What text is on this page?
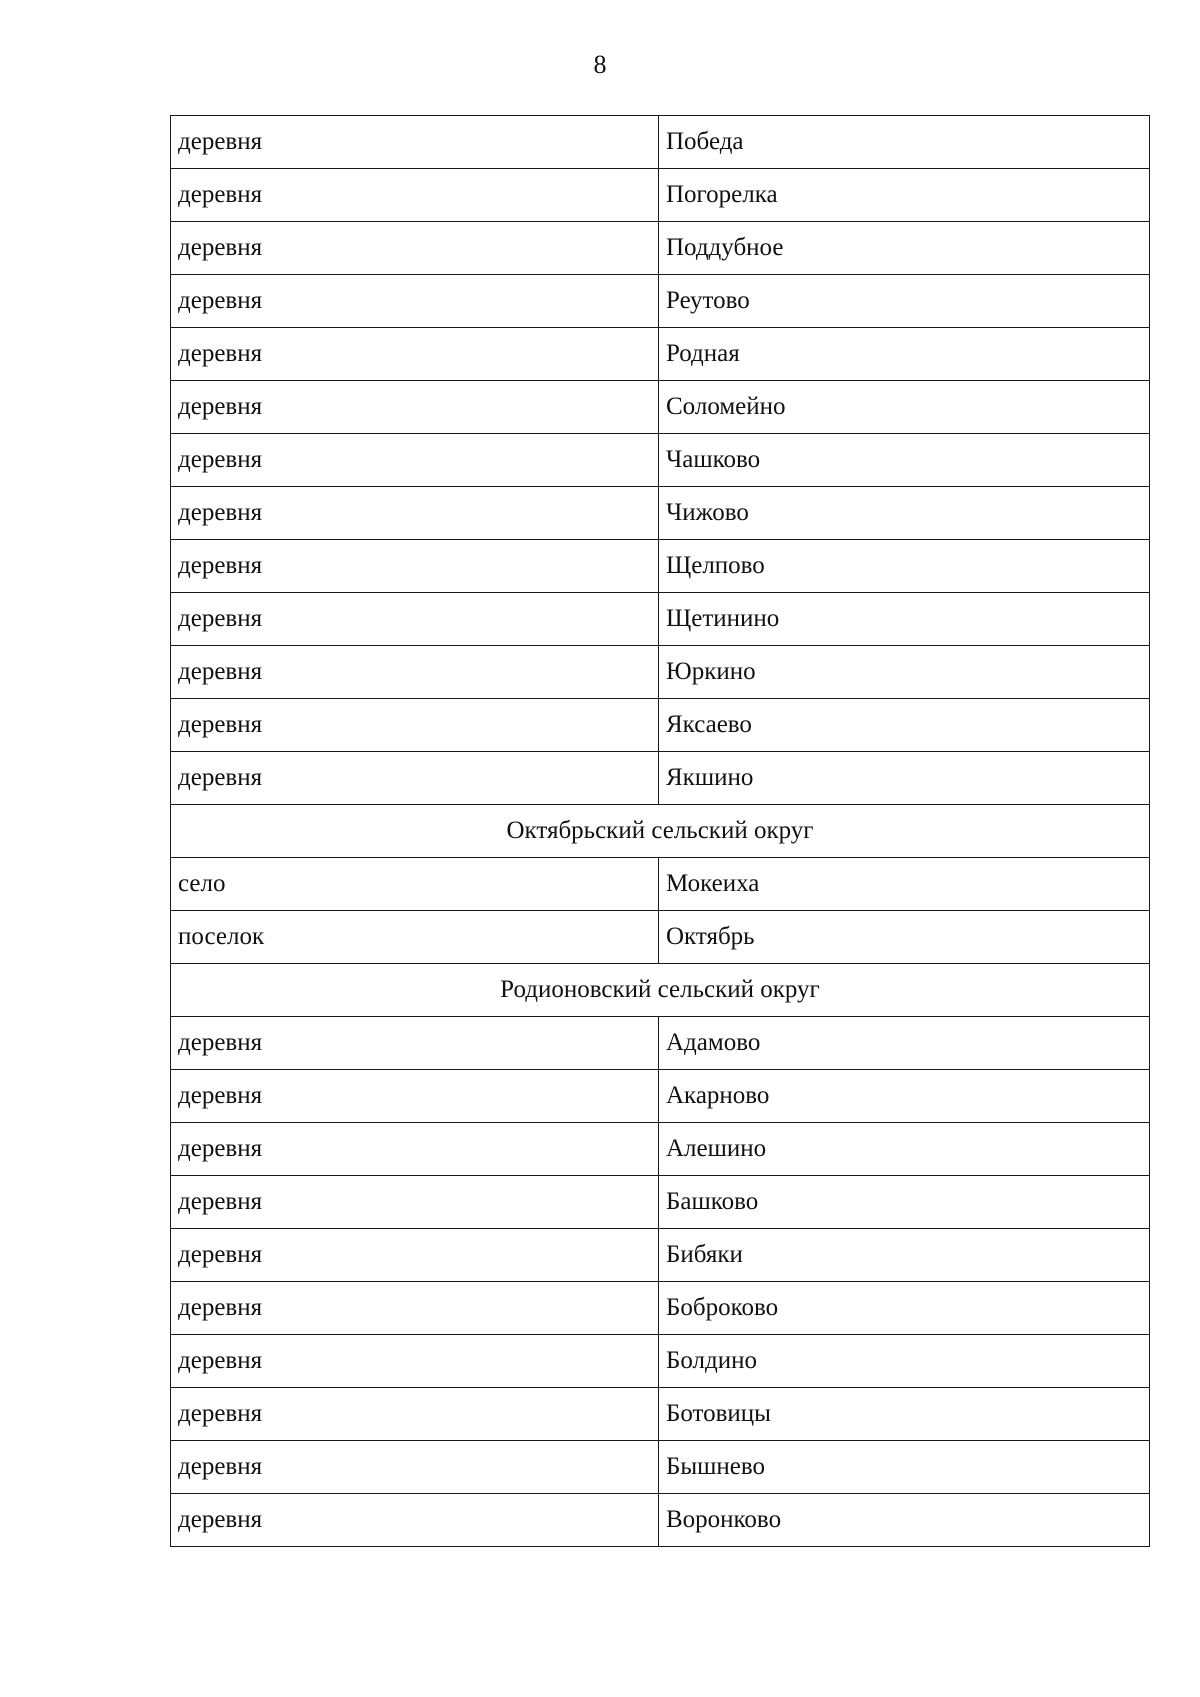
8
деревня	Победа
деревня	Погорелка
деревня	Поддубное
деревня	Реутово
деревня	Родная
деревня	Соломейно
деревня	Чашково
деревня	Чижово
деревня	Щелпово
деревня	Щетинино
деревня	Юркино
деревня	Яксаево
деревня	Якшино
Октябрьский сельский округ	
село	Мокеиха
поселок	Октябрь
Родионовский сельский округ	
деревня	Адамово
деревня	Акарново
деревня	Алешино
деревня	Башково
деревня	Бибяки
деревня	Боброково
деревня	Болдино
деревня	Ботовицы
деревня	Бышнево
деревня	Воронково
